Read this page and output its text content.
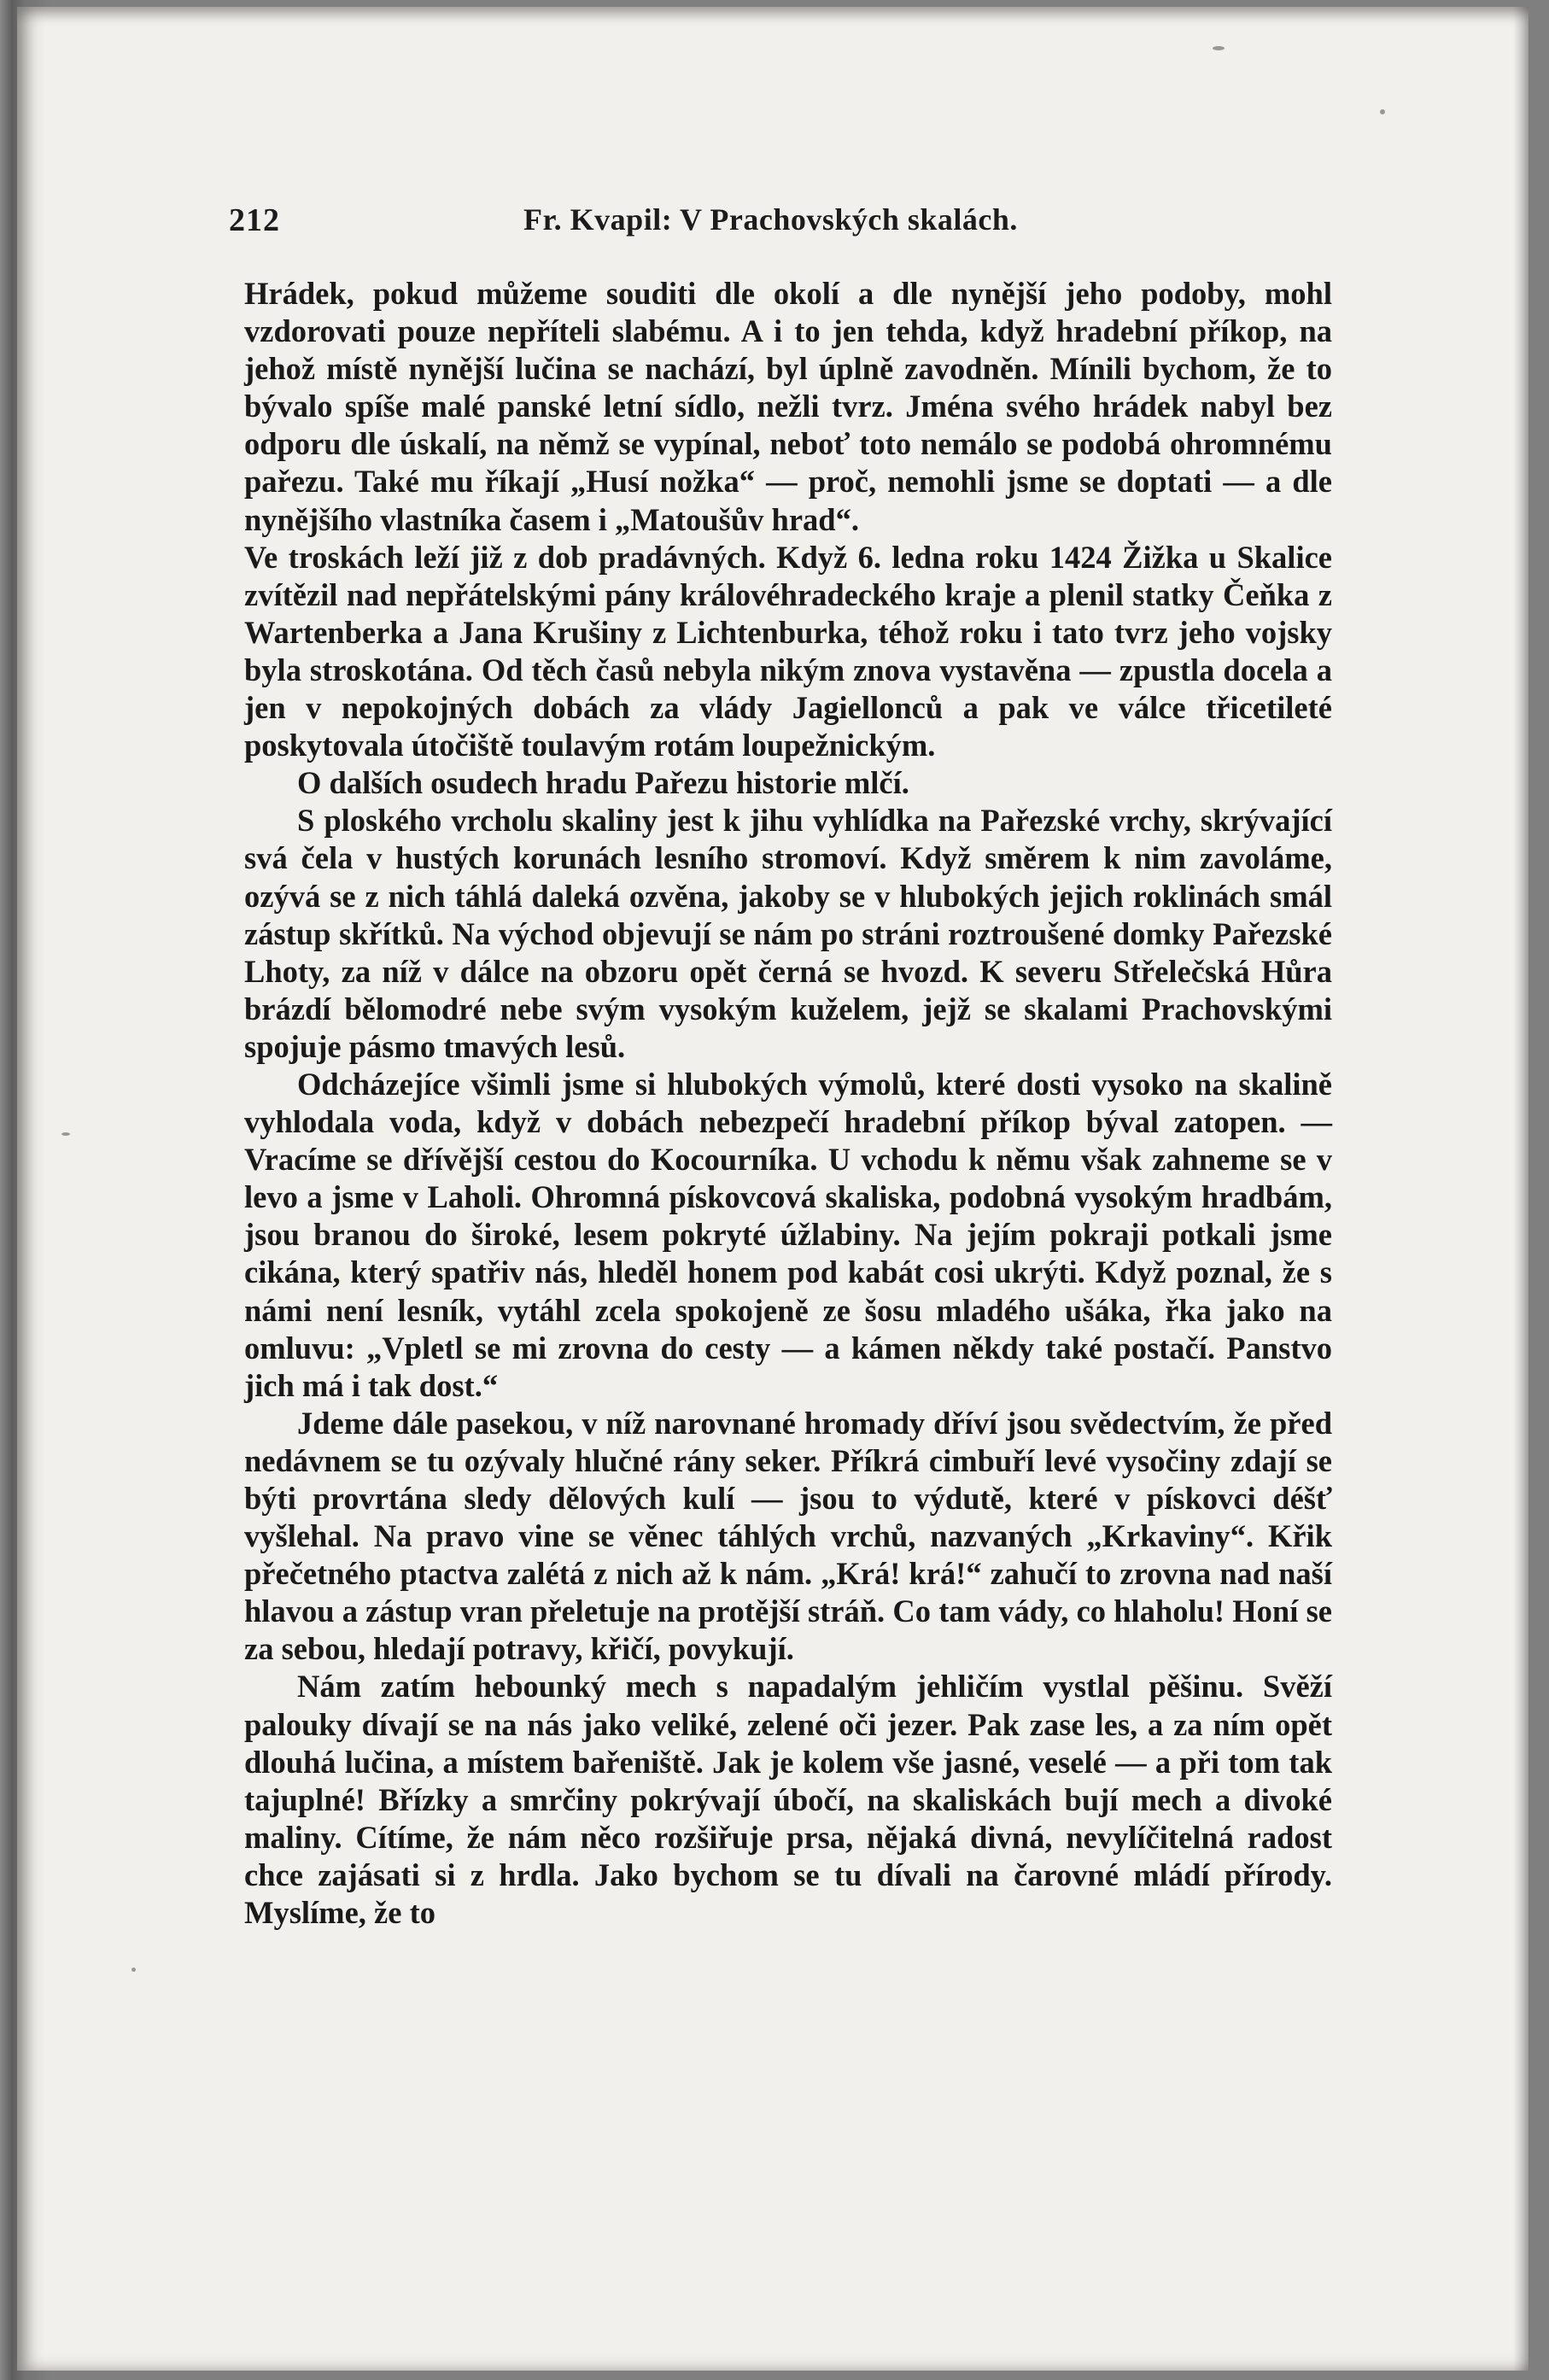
212	Fr. Kvapil: V Prachovských skalách.

Hrádek, pokud můžeme souditi dle okolí a dle nynější jeho podoby, mohl vzdorovati pouze nepříteli slabému. A i to jen tehda, když hradební příkop, na jehož místě nynější lučina se nachází, byl úplně zavodněn. Mínili bychom, že to bývalo spíše malé panské letní sídlo, nežli tvrz. Jména svého hrádek nabyl bez odporu dle úskalí, na němž se vypínal, neboť toto nemálo se podobá ohromnému pařezu. Také mu říkají „Husí nožka“ — proč, nemohli jsme se doptati — a dle nynějšího vlastníka časem i „Matoušův hrad“.

Ve troskách leží již z dob pradávných. Když 6. ledna roku 1424 Žižka u Skalice zvítězil nad nepřátelskými pány královéhradeckého kraje a plenil statky Čeňka z Wartenberka a Jana Krušiny z Lichtenburka, téhož roku i tato tvrz jeho vojsky byla stroskotána. Od těch časů nebyla nikým znova vystavěna — zpustla docela a jen v nepokojných dobách za vlády Jagiellonců a pak ve válce třicetileté poskytovala útočiště toulavým rotám loupežnickým.

O dalších osudech hradu Pařezu historie mlčí.

S ploského vrcholu skaliny jest k jihu vyhlídka na Pařezské vrchy, skrývající svá čela v hustých korunách lesního stromoví. Když směrem k nim zavoláme, ozývá se z nich táhlá daleká ozvěna, jakoby se v hlubokých jejich roklinách smál zástup skřítků. Na východ objevují se nám po stráni roztroušené domky Pařezské Lhoty, za níž v dálce na obzoru opět černá se hvozd. K severu Střelečská Hůra brázdí bělomodré nebe svým vysokým kuželem, jejž se skalami Prachovskými spojuje pásmo tmavých lesů.

Odcházejíce všimli jsme si hlubokých výmolů, které dosti vysoko na skalině vyhlodala voda, když v dobách nebezpečí hradební příkop býval zatopen. — Vracíme se dřívější cestou do Kocourníka. U vchodu k němu však zahneme se v levo a jsme v Laholi. Ohromná pískovcová skaliska, podobná vysokým hradbám, jsou branou do široké, lesem pokryté úžlabiny. Na jejím pokraji potkali jsme cikána, který spatřiv nás, hleděl honem pod kabát cosi ukrýti. Když poznal, že s námi není lesník, vytáhl zcela spokojeně ze šosu mladého ušáka, řka jako na omluvu: „Vpletl se mi zrovna do cesty — a kámen někdy také postačí. Panstvo jich má i tak dost.“

Jdeme dále pasekou, v níž narovnané hromady dříví jsou svědectvím, že před nedávnem se tu ozývaly hlučné rány seker. Příkrá cimbuří levé vysočiny zdají se býti provrtána sledy dělových kulí — jsou to výdutě, které v pískovci déšť vyšlehal. Na pravo vine se věnec táhlých vrchů, nazvaných „Krkaviny“. Křik přečetného ptactva zalétá z nich až k nám. „Krá! krá!“ zahučí to zrovna nad naší hlavou a zástup vran přeletuje na protější stráň. Co tam vády, co hlaholu! Honí se za sebou, hledají potravy, křičí, povykují.

Nám zatím hebounký mech s napadalým jehličím vystlal pěšinu. Svěží palouky dívají se na nás jako veliké, zelené oči jezer. Pak zase les, a za ním opět dlouhá lučina, a místem bařeniště. Jak je kolem vše jasné, veselé — a při tom tak tajuplné! Břízky a smrčiny pokrývají úbočí, na skaliskách bují mech a divoké maliny. Cítíme, že nám něco rozšiřuje prsa, nějaká divná, nevylíčitelná radost chce zajásati si z hrdla. Jako bychom se tu dívali na čarovné mládí přírody. Myslíme, že to
